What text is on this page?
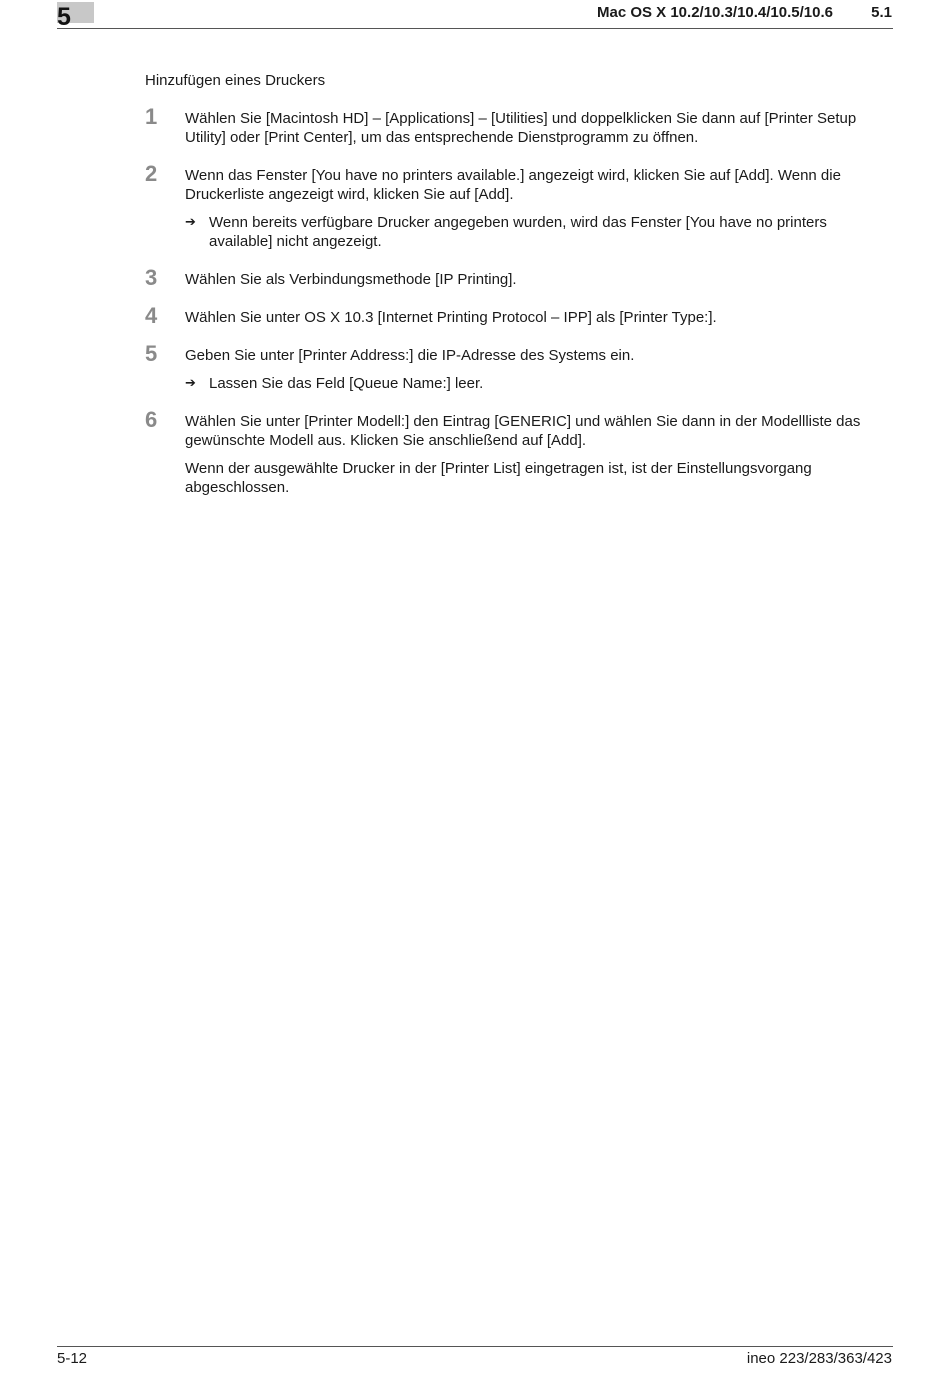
5	Mac OS X 10.2/10.3/10.4/10.5/10.6	5.1
Hinzufügen eines Druckers
1 Wählen Sie [Macintosh HD] – [Applications] – [Utilities] und doppelklicken Sie dann auf [Printer Setup Utility] oder [Print Center], um das entsprechende Dienstprogramm zu öffnen.
2 Wenn das Fenster [You have no printers available.] angezeigt wird, klicken Sie auf [Add]. Wenn die Druckerliste angezeigt wird, klicken Sie auf [Add].
➔ Wenn bereits verfügbare Drucker angegeben wurden, wird das Fenster [You have no printers available] nicht angezeigt.
3 Wählen Sie als Verbindungsmethode [IP Printing].
4 Wählen Sie unter OS X 10.3 [Internet Printing Protocol – IPP] als [Printer Type:].
5 Geben Sie unter [Printer Address:] die IP-Adresse des Systems ein.
➔ Lassen Sie das Feld [Queue Name:] leer.
6 Wählen Sie unter [Printer Modell:] den Eintrag [GENERIC] und wählen Sie dann in der Modellliste das gewünschte Modell aus. Klicken Sie anschließend auf [Add].
Wenn der ausgewählte Drucker in der [Printer List] eingetragen ist, ist der Einstellungsvorgang abgeschlossen.
5-12	ineo 223/283/363/423
